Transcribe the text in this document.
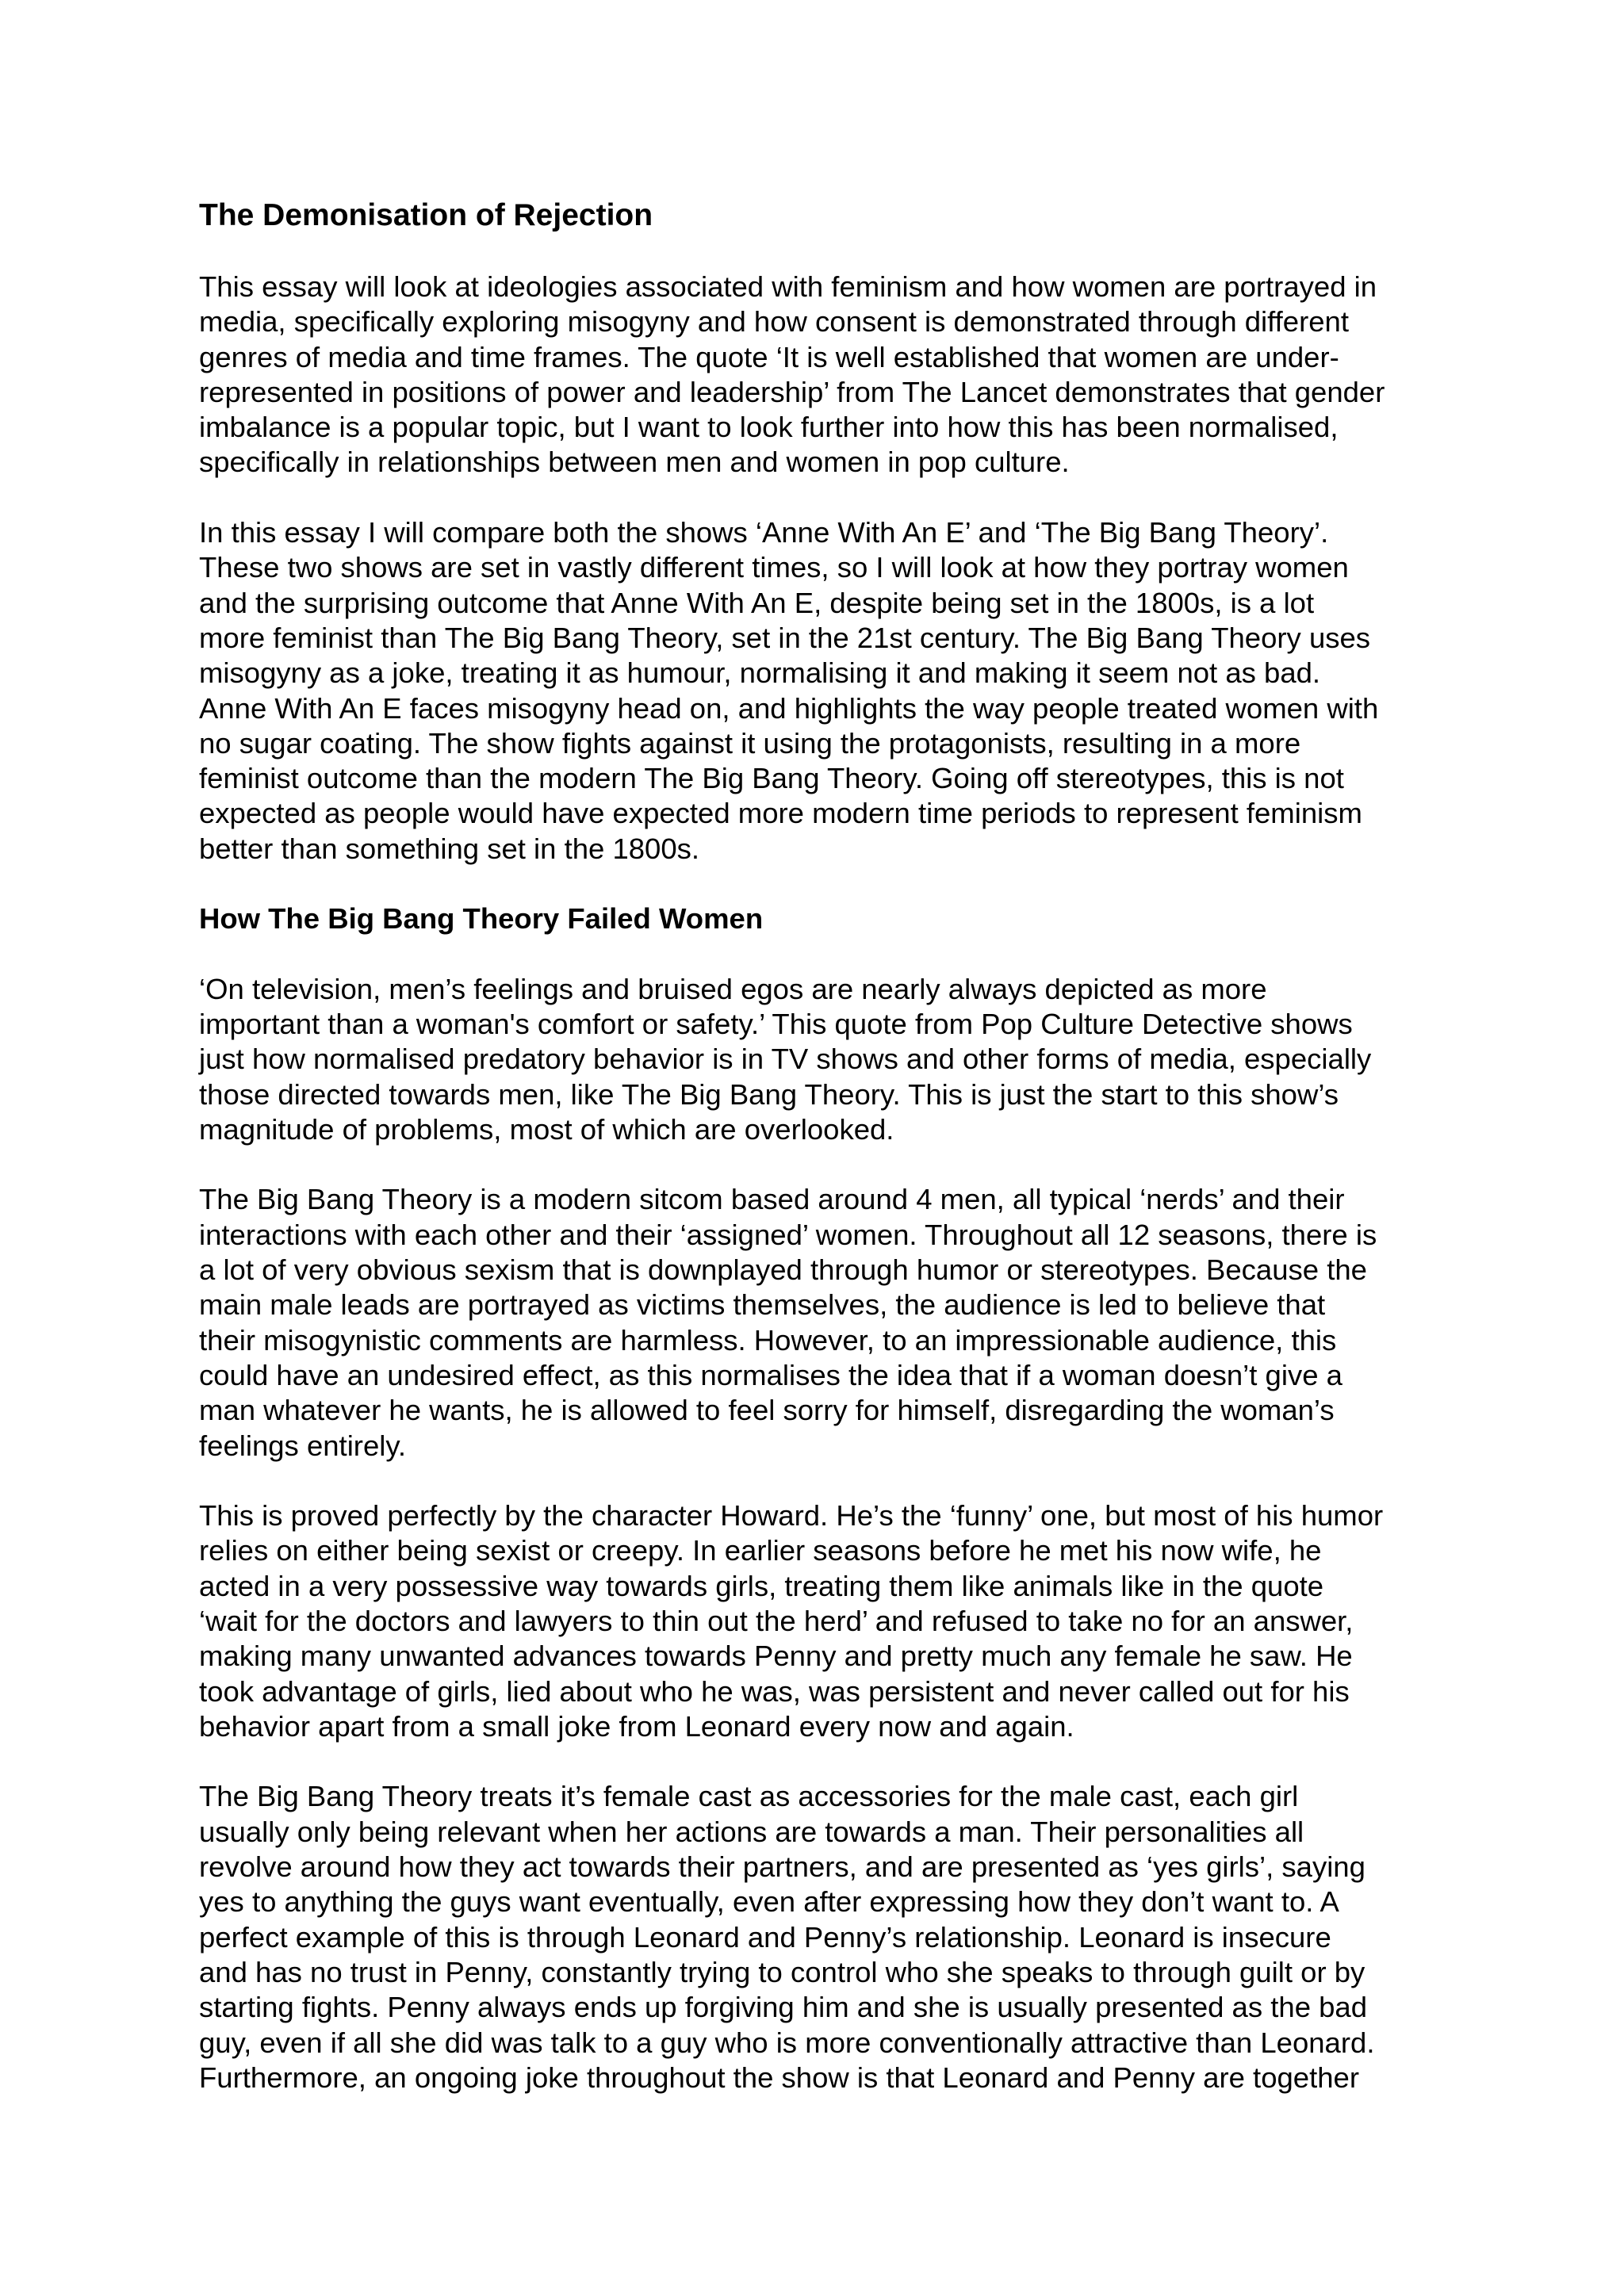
The Demonisation of Rejection
This essay will look at ideologies associated with feminism and how women are portrayed in
media, specifically exploring misogyny and how consent is demonstrated through different
genres of media and time frames. The quote ‘It is well established that women are under-
represented in positions of power and leadership’ from The Lancet demonstrates that gender
imbalance is a popular topic, but I want to look further into how this has been normalised,
specifically in relationships between men and women in pop culture.
In this essay I will compare both the shows ‘Anne With An E’ and ‘The Big Bang Theory’.
These two shows are set in vastly different times, so I will look at how they portray women
and the surprising outcome that Anne With An E, despite being set in the 1800s, is a lot
more feminist than The Big Bang Theory, set in the 21st century. The Big Bang Theory uses
misogyny as a joke, treating it as humour, normalising it and making it seem not as bad.
Anne With An E faces misogyny head on, and highlights the way people treated women with
no sugar coating. The show fights against it using the protagonists, resulting in a more
feminist outcome than the modern The Big Bang Theory. Going off stereotypes, this is not
expected as people would have expected more modern time periods to represent feminism
better than something set in the 1800s.
How The Big Bang Theory Failed Women
‘On television, men’s feelings and bruised egos are nearly always depicted as more
important than a woman's comfort or safety.’ This quote from Pop Culture Detective shows
just how normalised predatory behavior is in TV shows and other forms of media, especially
those directed towards men, like The Big Bang Theory. This is just the start to this show’s
magnitude of problems, most of which are overlooked.
The Big Bang Theory is a modern sitcom based around 4 men, all typical ‘nerds’ and their
interactions with each other and their ‘assigned’ women. Throughout all 12 seasons, there is
a lot of very obvious sexism that is downplayed through humor or stereotypes. Because the
main male leads are portrayed as victims themselves, the audience is led to believe that
their misogynistic comments are harmless. However, to an impressionable audience, this
could have an undesired effect, as this normalises the idea that if a woman doesn’t give a
man whatever he wants, he is allowed to feel sorry for himself, disregarding the woman’s
feelings entirely.
This is proved perfectly by the character Howard. He’s the ‘funny’ one, but most of his humor
relies on either being sexist or creepy. In earlier seasons before he met his now wife, he
acted in a very possessive way towards girls, treating them like animals like in the quote
‘wait for the doctors and lawyers to thin out the herd’ and refused to take no for an answer,
making many unwanted advances towards Penny and pretty much any female he saw. He
took advantage of girls, lied about who he was, was persistent and never called out for his
behavior apart from a small joke from Leonard every now and again.
The Big Bang Theory treats it’s female cast as accessories for the male cast, each girl
usually only being relevant when her actions are towards a man. Their personalities all
revolve around how they act towards their partners, and are presented as ‘yes girls’, saying
yes to anything the guys want eventually, even after expressing how they don’t want to. A
perfect example of this is through Leonard and Penny’s relationship. Leonard is insecure
and has no trust in Penny, constantly trying to control who she speaks to through guilt or by
starting fights. Penny always ends up forgiving him and she is usually presented as the bad
guy, even if all she did was talk to a guy who is more conventionally attractive than Leonard.
Furthermore, an ongoing joke throughout the show is that Leonard and Penny are together
